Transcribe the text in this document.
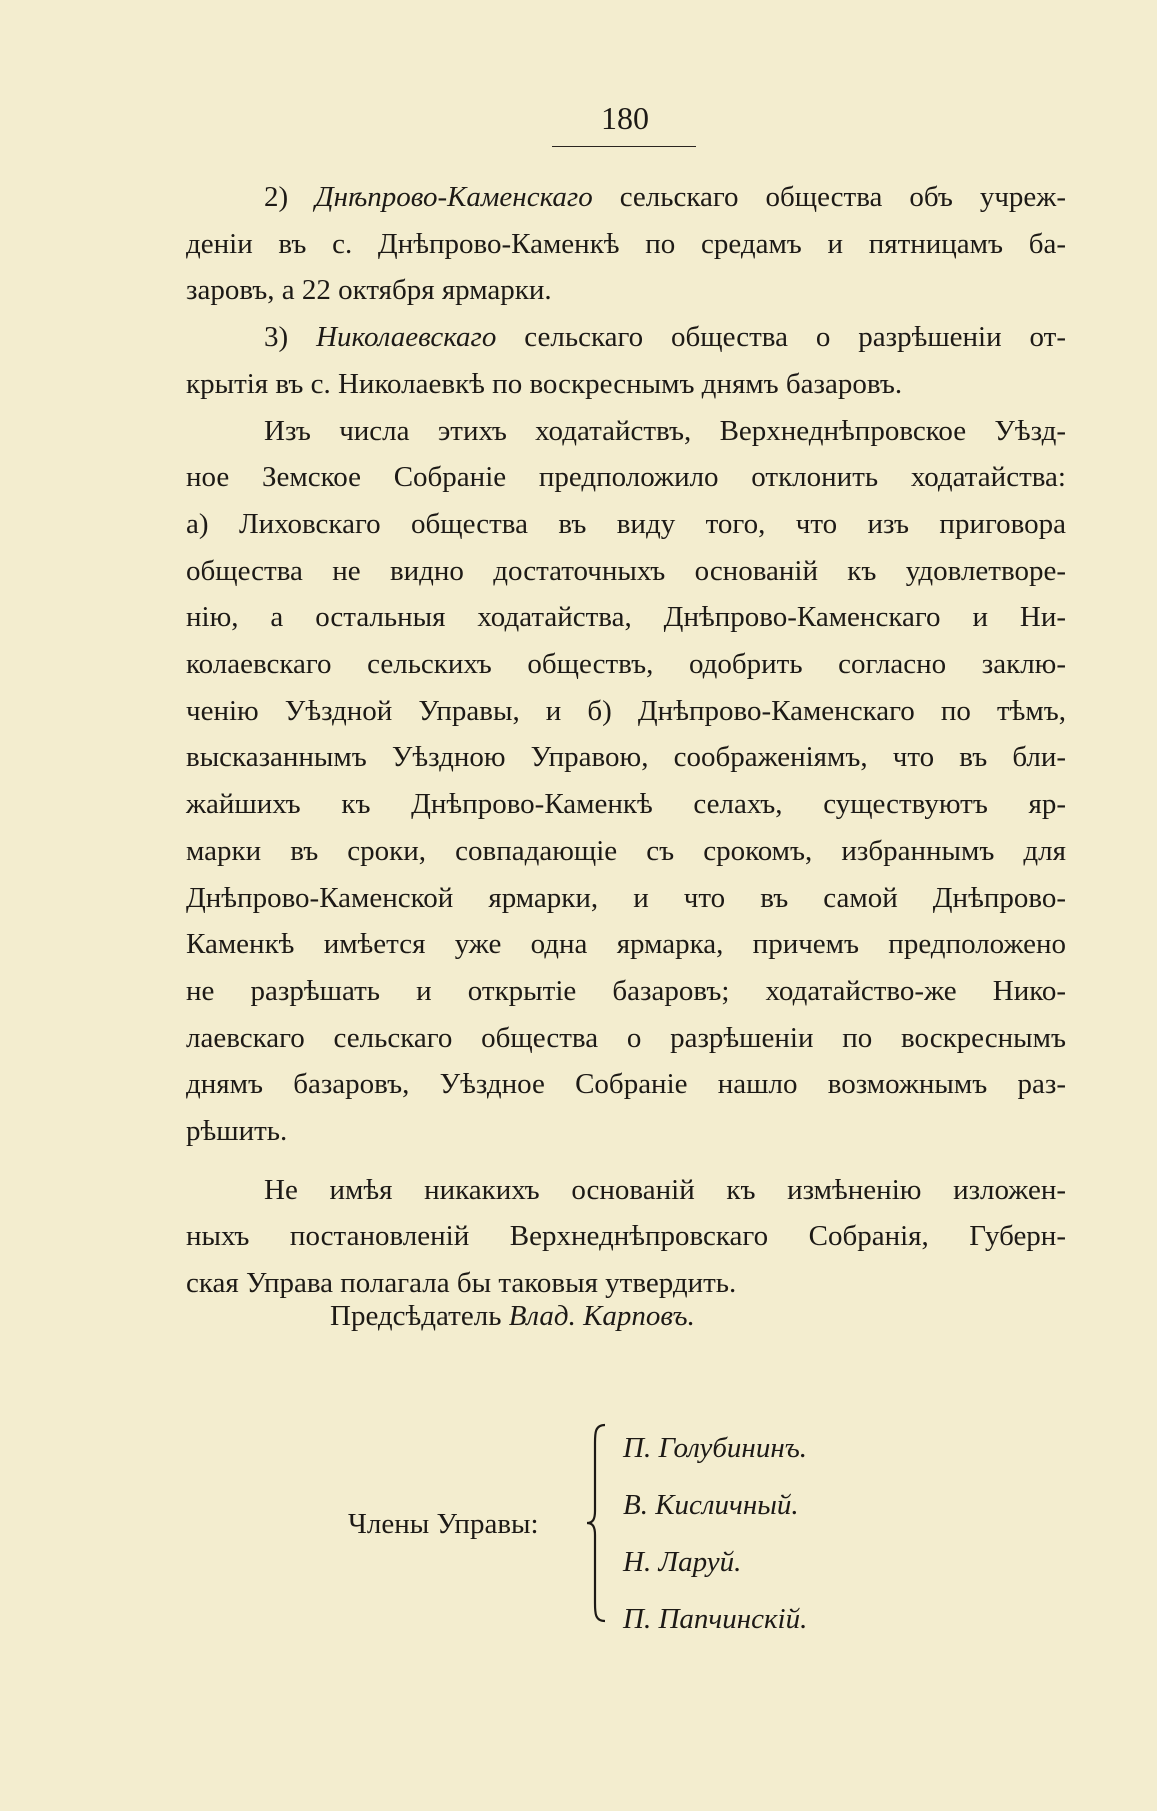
180
2) Днѣпрово-Каменскаго сельскаго общества объ учреж-
деніи въ с. Днѣпрово-Каменкѣ по средамъ и пятницамъ ба-
заровъ, а 22 октября ярмарки.
3) Николаевскаго сельскаго общества о разрѣшеніи от-
крытія въ с. Николаевкѣ по воскреснымъ днямъ базаровъ.
Изъ числа этихъ ходатайствъ, Верхнеднѣпровское Уѣзд-
ное Земское Собраніе предположило отклонить ходатайства:
а) Лиховскаго общества въ виду того, что изъ приговора
общества не видно достаточныхъ основаній къ удовлетворе-
нію, а остальныя ходатайства, Днѣпрово-Каменскаго и Ни-
колаевскаго сельскихъ обществъ, одобрить согласно заклю-
ченію Уѣздной Управы, и б) Днѣпрово-Каменскаго по тѣмъ,
высказаннымъ Уѣздною Управою, соображеніямъ, что въ бли-
жайшихъ къ Днѣпрово-Каменкѣ селахъ, существуютъ яр-
марки въ сроки, совпадающіе съ срокомъ, избраннымъ для
Днѣпрово-Каменской ярмарки, и что въ самой Днѣпрово-
Каменкѣ имѣется уже одна ярмарка, причемъ предположено
не разрѣшать и открытіе базаровъ; ходатайство-же Нико-
лаевскаго сельскаго общества о разрѣшеніи по воскреснымъ
днямъ базаровъ, Уѣздное Собраніе нашло возможнымъ раз-
рѣшить.
Не имѣя никакихъ основаній къ измѣненію изложен-
ныхъ постановленій Верхнеднѣпровскаго Собранія, Губерн-
ская Управа полагала бы таковыя утвердить.
Предсѣдатель Влад. Карповъ.
Члены Управы:
П. Голубининъ.
В. Кисличный.
Н. Ларуй.
П. Папчинскій.
